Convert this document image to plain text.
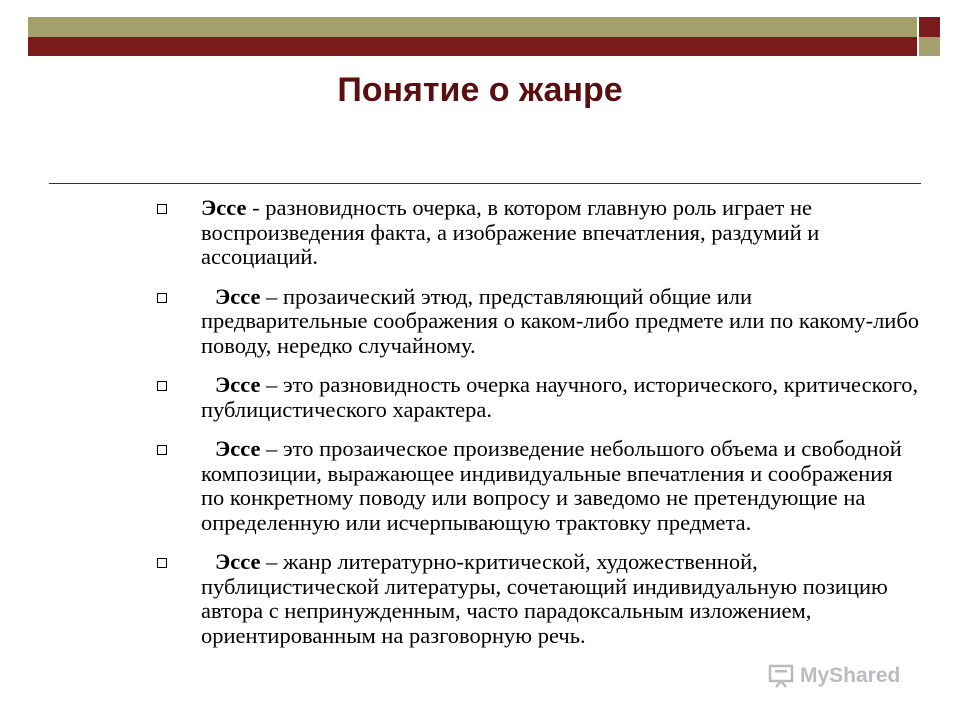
Понятие о жанре
Эссе - разновидность очерка, в котором главную роль играет не воспроизведения факта, а изображение впечатления, раздумий и ассоциаций.
Эссе – прозаический этюд, представляющий общие или предварительные соображения о каком-либо предмете или по какому-либо поводу, нередко случайному.
Эссе – это разновидность очерка научного, исторического, критического, публицистического характера.
Эссе – это прозаическое произведение небольшого объема и свободной композиции, выражающее индивидуальные впечатления и соображения по конкретному поводу или вопросу и заведомо не претендующие на определенную или исчерпывающую трактовку предмета.
Эссе – жанр литературно-критической, художественной, публицистической литературы, сочетающий индивидуальную позицию автора с непринужденным, часто парадоксальным изложением, ориентированным на разговорную речь.
MyShared
